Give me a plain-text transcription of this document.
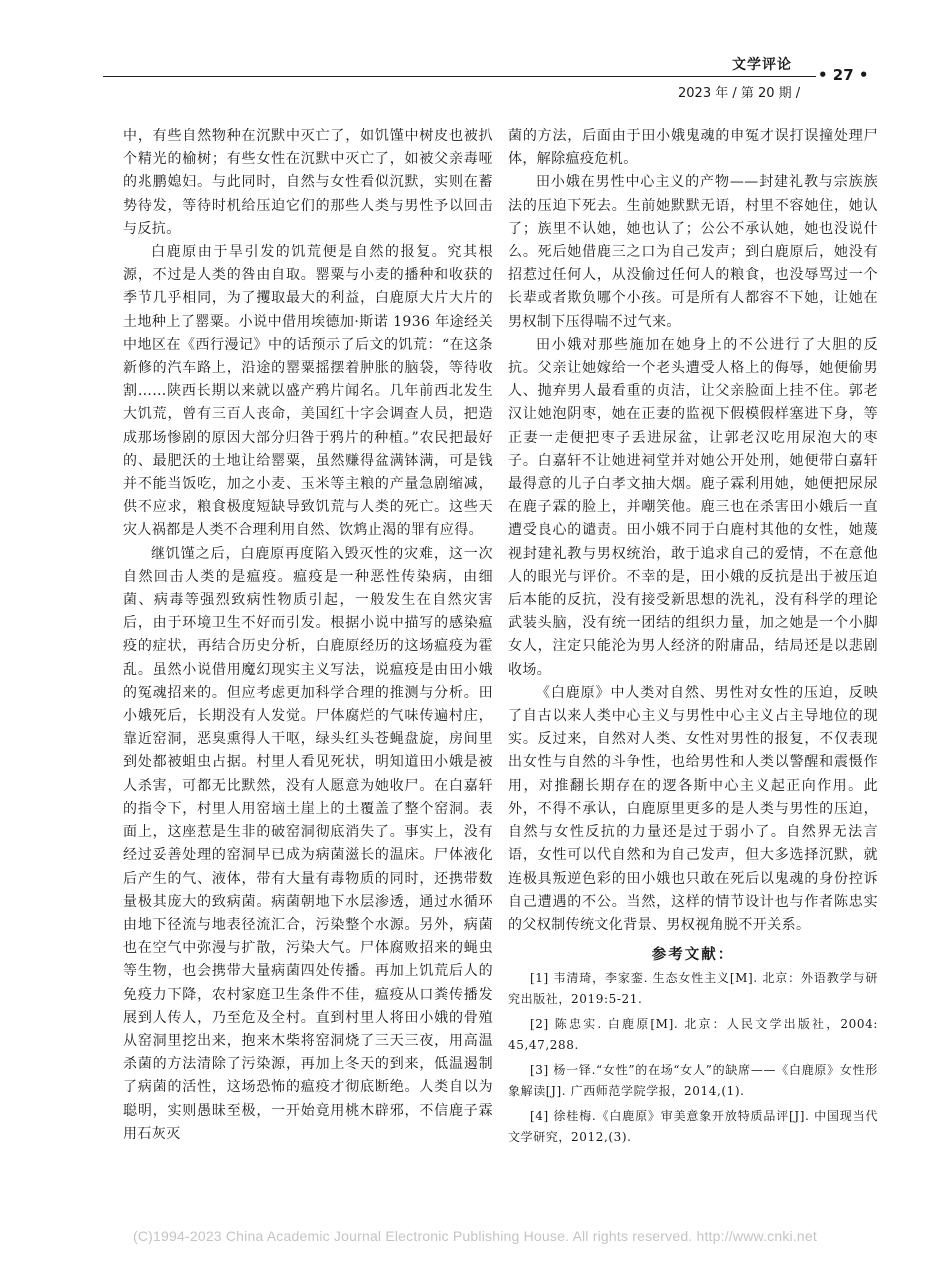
文学评论
• 27 •
2023 年 / 第 20 期 /

中，有些自然物种在沉默中灭亡了，如饥馑中树皮也被扒个精光的榆树；有些女性在沉默中灭亡了，如被父亲毒哑的兆鹏媳妇。与此同时，自然与女性看似沉默，实则在蓄势待发，等待时机给压迫它们的那些人类与男性予以回击与反抗。

白鹿原由于旱引发的饥荒便是自然的报复。究其根源，不过是人类的咎由自取。罂粟与小麦的播种和收获的季节几乎相同，为了攫取最大的利益，白鹿原大片大片的土地种上了罂粟。小说中借用埃德加·斯诺 1936 年途经关中地区在《西行漫记》中的话预示了后文的饥荒：“在这条新修的汽车路上，沿途的罂粟摇摆着肿胀的脑袋，等待收割……陕西长期以来就以盛产鸦片闻名。几年前西北发生大饥荒，曾有三百人丧命，美国红十字会调查人员，把造成那场惨剧的原因大部分归咎于鸦片的种植。”农民把最好的、最肥沃的土地让给罂粟，虽然赚得盆满钵满，可是钱并不能当饭吃，加之小麦、玉米等主粮的产量急剧缩减，供不应求，粮食极度短缺导致饥荒与人类的死亡。这些天灾人祸都是人类不合理利用自然、饮鸩止渴的罪有应得。

继饥馑之后，白鹿原再度陷入毁灭性的灾难，这一次自然回击人类的是瘟疫。瘟疫是一种恶性传染病，由细菌、病毒等强烈致病性物质引起，一般发生在自然灾害后，由于环境卫生不好而引发。根据小说中描写的感染瘟疫的症状，再结合历史分析，白鹿原经历的这场瘟疫为霍乱。虽然小说借用魔幻现实主义写法，说瘟疫是由田小娥的冤魂招来的。但应考虑更加科学合理的推测与分析。田小娥死后，长期没有人发觉。尸体腐烂的气味传遍村庄，靠近窑洞，恶臭熏得人干呕，绿头红头苍蝇盘旋，房间里到处都被蛆虫占据。村里人看见死状，明知道田小娥是被人杀害，可都无比默然，没有人愿意为她收尸。在白嘉轩的指令下，村里人用窑垴土崖上的土覆盖了整个窑洞。表面上，这座惹是生非的破窑洞彻底消失了。事实上，没有经过妥善处理的窑洞早已成为病菌滋长的温床。尸体液化后产生的气、液体，带有大量有毒物质的同时，还携带数量极其庞大的致病菌。病菌朝地下水层渗透，通过水循环由地下径流与地表径流汇合，污染整个水源。另外，病菌也在空气中弥漫与扩散，污染大气。尸体腐败招来的蝇虫等生物，也会携带大量病菌四处传播。再加上饥荒后人的免疫力下降，农村家庭卫生条件不佳，瘟疫从口粪传播发展到人传人，乃至危及全村。直到村里人将田小娥的骨殖从窑洞里挖出来，抱来木柴将窑洞烧了三天三夜，用高温杀菌的方法清除了污染源，再加上冬天的到来，低温遏制了病菌的活性，这场恐怖的瘟疫才彻底断绝。人类自以为聪明，实则愚昧至极，一开始竟用桃木辟邪，不信鹿子霖用石灰灭

菌的方法，后面由于田小娥鬼魂的申冤才误打误撞处理尸体，解除瘟疫危机。

田小娥在男性中心主义的产物——封建礼教与宗族族法的压迫下死去。生前她默默无语，村里不容她住，她认了；族里不认她，她也认了；公公不承认她，她也没说什么。死后她借鹿三之口为自己发声；到白鹿原后，她没有招惹过任何人，从没偷过任何人的粮食，也没辱骂过一个长辈或者欺负哪个小孩。可是所有人都容不下她，让她在男权制下压得喘不过气来。

田小娥对那些施加在她身上的不公进行了大胆的反抗。父亲让她嫁给一个老头遭受人格上的侮辱，她便偷男人、抛弃男人最看重的贞洁，让父亲脸面上挂不住。郭老汉让她泡阴枣，她在正妻的监视下假模假样塞进下身，等正妻一走便把枣子丢进尿盆，让郭老汉吃用尿泡大的枣子。白嘉轩不让她进祠堂并对她公开处刑，她便带白嘉轩最得意的儿子白孝文抽大烟。鹿子霖利用她，她便把尿尿在鹿子霖的脸上，并嘲笑他。鹿三也在杀害田小娥后一直遭受良心的谴责。田小娥不同于白鹿村其他的女性，她蔑视封建礼教与男权统治，敢于追求自己的爱情，不在意他人的眼光与评价。不幸的是，田小娥的反抗是出于被压迫后本能的反抗，没有接受新思想的洗礼，没有科学的理论武装头脑，没有统一团结的组织力量，加之她是一个小脚女人，注定只能沦为男人经济的附庸品，结局还是以悲剧收场。

《白鹿原》中人类对自然、男性对女性的压迫，反映了自古以来人类中心主义与男性中心主义占主导地位的现实。反过来，自然对人类、女性对男性的报复，不仅表现出女性与自然的斗争性，也给男性和人类以警醒和震慑作用，对推翻长期存在的逻各斯中心主义起正向作用。此外，不得不承认，白鹿原里更多的是人类与男性的压迫，自然与女性反抗的力量还是过于弱小了。自然界无法言语，女性可以代自然和为自己发声，但大多选择沉默，就连极具叛逆色彩的田小娥也只敢在死后以鬼魂的身份控诉自己遭遇的不公。当然，这样的情节设计也与作者陈忠实的父权制传统文化背景、男权视角脱不开关系。

参考文献：

[1] 韦清琦，李家銮. 生态女性主义[M]. 北京：外语教学与研究出版社，2019:5-21.

[2] 陈忠实. 白鹿原[M]. 北京：人民文学出版社，2004: 45,47,288.

[3] 杨一铎.“女性”的在场“女人”的缺席——《白鹿原》女性形象解读[J]. 广西师范学院学报，2014,(1).

[4] 徐桂梅.《白鹿原》审美意象开放特质品评[J]. 中国现当代文学研究，2012,(3).

(C)1994-2023 China Academic Journal Electronic Publishing House. All rights reserved. http://www.cnki.net
